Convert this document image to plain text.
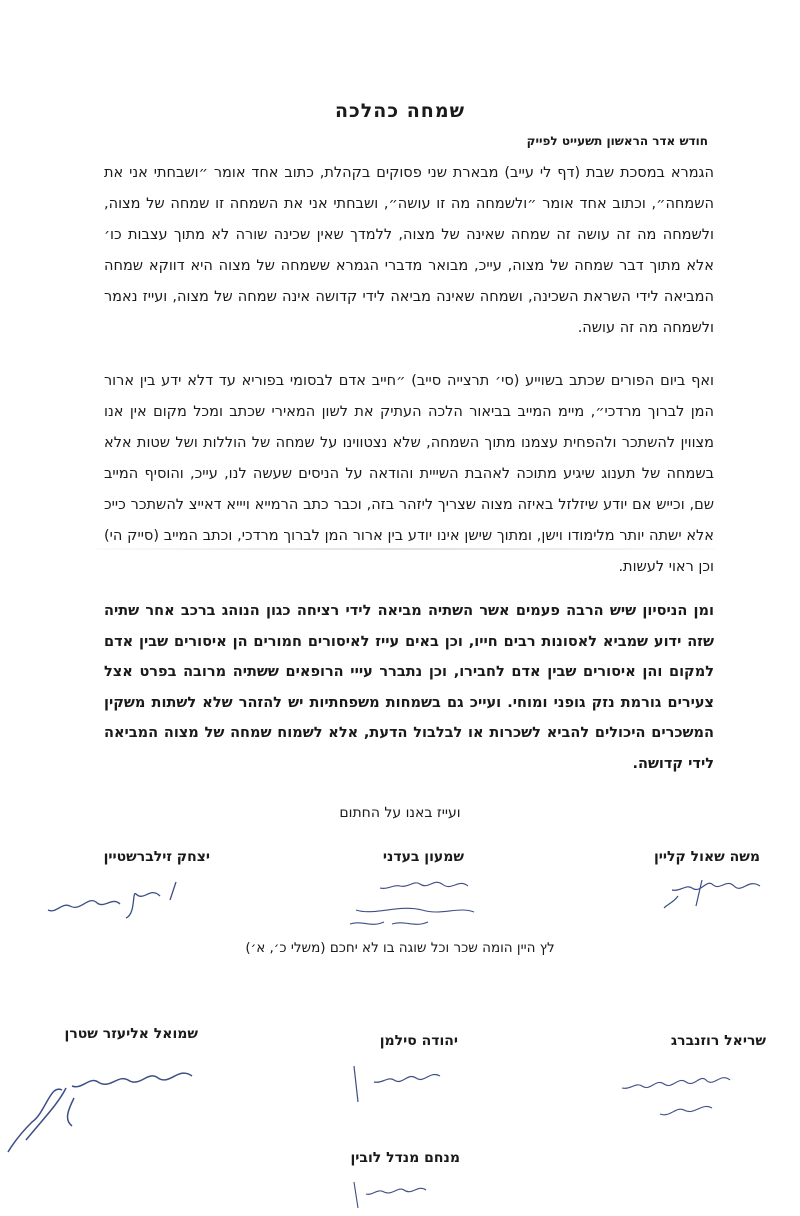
שמחה כהלכה
חודש אדר הראשון תשעייט לפייק

הגמרא במסכת שבת (דף לי עייב) מבארת שני פסוקים בקהלת, כתוב אחד אומר ״ושבחתי אני את השמחה״, וכתוב אחד אומר ״ולשמחה מה זו עושה״, ושבחתי אני את השמחה זו שמחה של מצוה, ולשמחה מה זה עושה זה שמחה שאינה של מצוה, ללמדך שאין שכינה שורה לא מתוך עצבות כו׳ אלא מתוך דבר שמחה של מצוה, עייכ, מבואר מדברי הגמרא ששמחה של מצוה היא דווקא שמחה המביאה לידי השראת השכינה, ושמחה שאינה מביאה לידי קדושה אינה שמחה של מצוה, ועייז נאמר ולשמחה מה זה עושה.

ואף ביום הפורים שכתב בשוייע (סי׳ תרצייה סייב) ״חייב אדם לבסומי בפוריא עד דלא ידע בין ארור המן לברוך מרדכי״, מיימ המייב בביאור הלכה העתיק את לשון המאירי שכתב ומכל מקום אין אנו מצווין להשתכר ולהפחית עצמנו מתוך השמחה, שלא נצטווינו על שמחה של הוללות ושל שטות אלא בשמחה של תענוג שיגיע מתוכה לאהבת השייית והודאה על הניסים שעשה לנו, עייכ, והוסיף המייב שם, וכייש אם יודע שיזלזל באיזה מצוה שצריך ליזהר בזה, וכבר כתב הרמייא ויייא דאייצ להשתכר כייכ אלא ישתה יותר מלימודו וישן, ומתוך שישן אינו יודע בין ארור המן לברוך מרדכי, וכתב המייב (סייק הי) וכן ראוי לעשות.

ומן הניסיון שיש הרבה פעמים אשר השתיה מביאה לידי רציחה כגון הנוהג ברכב אחר שתיה שזה ידוע שמביא לאסונות רבים חייו, וכן באים עייז לאיסורים חמורים הן איסורים שבין אדם למקום והן איסורים שבין אדם לחבירו, וכן נתברר עייי הרופאים ששתיה מרובה בפרט אצל צעירים גורמת נזק גופני ומוחי. ועייכ גם בשמחות משפחתיות יש להזהר שלא לשתות משקין המשכרים היכולים להביא לשכרות או לבלבול הדעת, אלא לשמוח שמחה של מצוה המביאה לידי קדושה.

ועייז באנו על החתום
משה שאול קליין
שמעון בעדני
יצחק זילברשטיין
לץ היין הומה שכר וכל שוגה בו לא יחכם (משלי כ׳, א׳)
שריאל רוזנברג
יהודה סילמן
שמואל אליעזר שטרן
מנחם מנדל לובין
